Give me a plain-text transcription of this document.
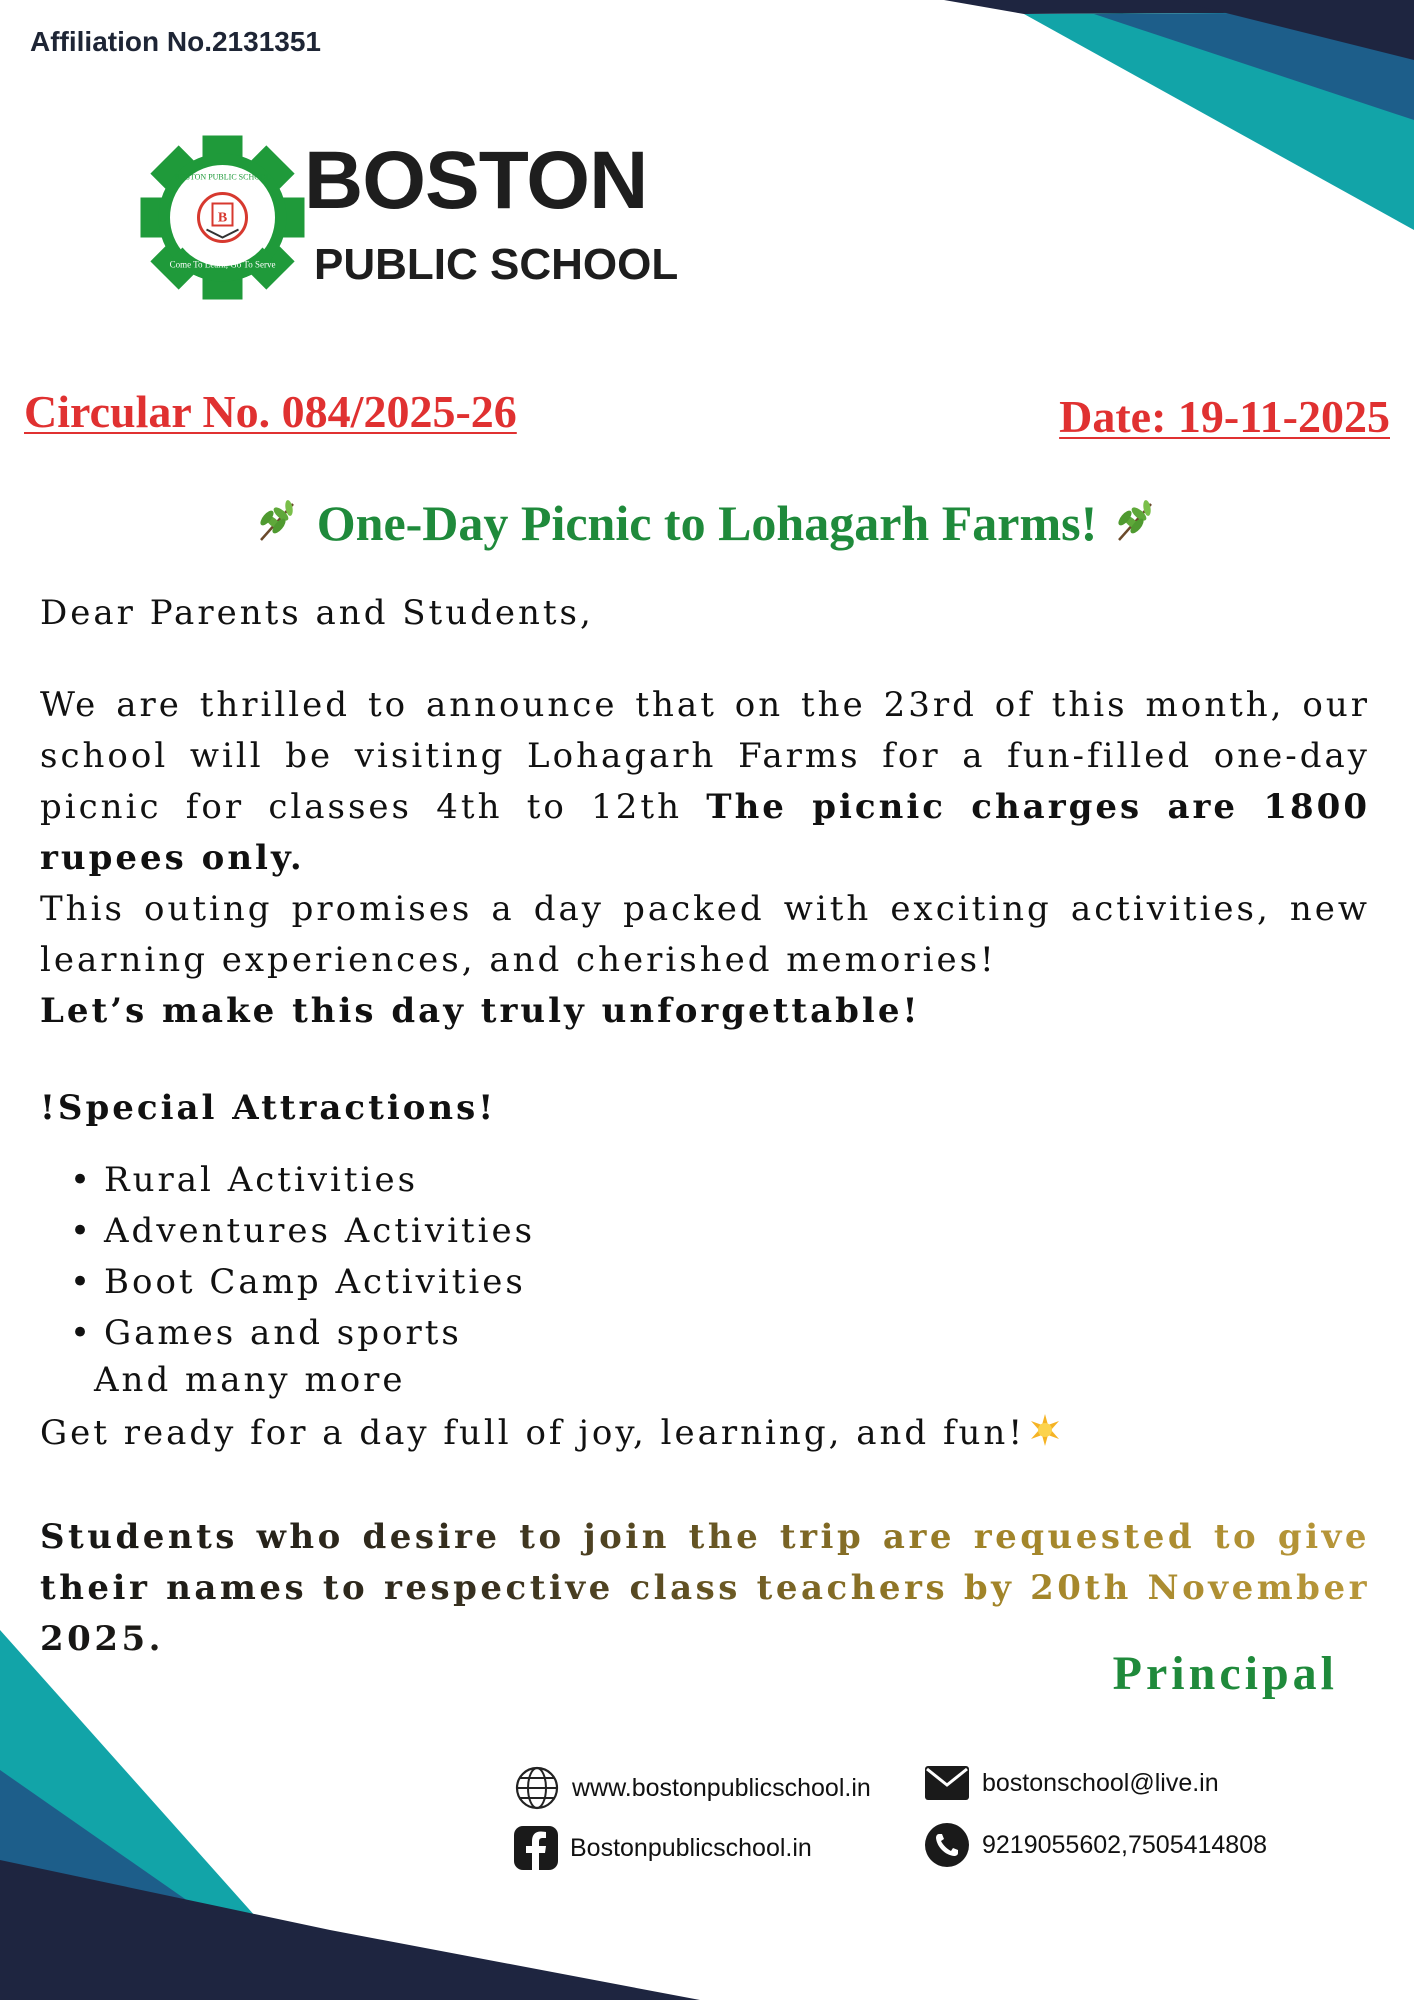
Affiliation No.2131351
Come To Learn, Go To Serve
BOSTON PUBLIC SCHOOL
B BOSTON
PUBLIC SCHOOL
Circular No. 084/2025-26	Date: 19-11-2025
One-Day Picnic to Lohagarh Farms!
Dear Parents and Students,
We are thrilled to announce that on the 23rd of this month, our school will be visiting Lohagarh Farms for a fun-filled one-day picnic for classes 4th to 12th The picnic charges are 1800 rupees only.
This outing promises a day packed with exciting activities, new learning experiences, and cherished memories!
Let’s make this day truly unforgettable!
!Special Attractions!
• Rural Activities
• Adventures Activities
• Boot Camp Activities
• Games and sports
And many more
Get ready for a day full of joy, learning, and fun!
Students who desire to join the trip are requested to give their names to respective class teachers by 20th November 2025.
Principal
www.bostonpublicschool.in	bostonschool@live.in
Bostonpublicschool.in	9219055602,7505414808
